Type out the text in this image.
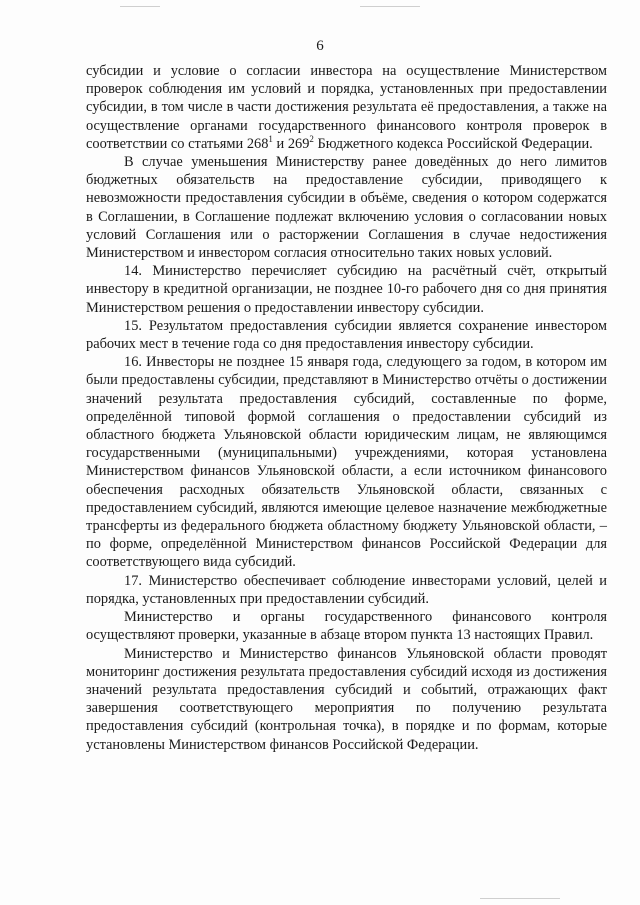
6

субсидии и условие о согласии инвестора на осуществление Министерством проверок соблюдения им условий и порядка, установленных при предоставлении субсидии, в том числе в части достижения результата её предоставления, а также на осуществление органами государственного финансового контроля проверок в соответствии со статьями $268^1$ и $269^2$ Бюджетного кодекса Российской Федерации.

В случае уменьшения Министерству ранее доведённых до него лимитов бюджетных обязательств на предоставление субсидии, приводящего к невозможности предоставления субсидии в объёме, сведения о котором содержатся в Соглашении, в Соглашение подлежат включению условия о согласовании новых условий Соглашения или о расторжении Соглашения в случае недостижения Министерством и инвестором согласия относительно таких новых условий.

14. Министерство перечисляет субсидию на расчётный счёт, открытый инвестору в кредитной организации, не позднее 10-го рабочего дня со дня принятия Министерством решения о предоставлении инвестору субсидии.

15. Результатом предоставления субсидии является сохранение инвестором рабочих мест в течение года со дня предоставления инвестору субсидии.

16. Инвесторы не позднее 15 января года, следующего за годом, в котором им были предоставлены субсидии, представляют в Министерство отчёты о достижении значений результата предоставления субсидий, составленные по форме, определённой типовой формой соглашения о предоставлении субсидий из областного бюджета Ульяновской области юридическим лицам, не являющимся государственными (муниципальными) учреждениями, которая установлена Министерством финансов Ульяновской области, а если источником финансового обеспечения расходных обязательств Ульяновской области, связанных с предоставлением субсидий, являются имеющие целевое назначение межбюджетные трансферты из федерального бюджета областному бюджету Ульяновской области, – по форме, определённой Министерством финансов Российской Федерации для соответствующего вида субсидий.

17. Министерство обеспечивает соблюдение инвесторами условий, целей и порядка, установленных при предоставлении субсидий.

Министерство и органы государственного финансового контроля осуществляют проверки, указанные в абзаце втором пункта 13 настоящих Правил.

Министерство и Министерство финансов Ульяновской области проводят мониторинг достижения результата предоставления субсидий исходя из достижения значений результата предоставления субсидий и событий, отражающих факт завершения соответствующего мероприятия по получению результата предоставления субсидий (контрольная точка), в порядке и по формам, которые установлены Министерством финансов Российской Федерации.
